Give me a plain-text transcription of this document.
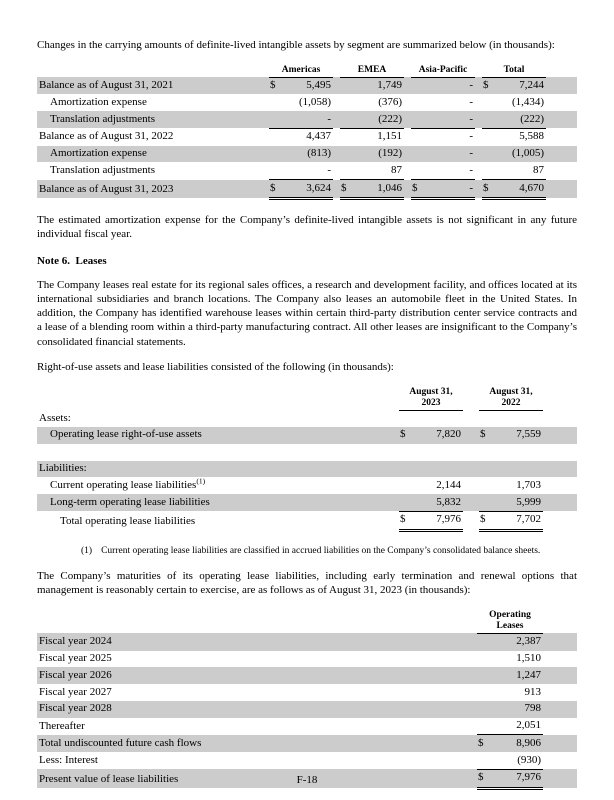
Changes in the carrying amounts of definite-lived intangible assets by segment are summarized below (in thousands):

	Americas			EMEA			Asia-Pacific			Total		
Balance as of August 31, 2021	$	5,495			1,749			-		$	7,244	
Amortization expense		(1,058)			(376)			-			(1,434)	
Translation adjustments		-			(222)			-			(222)	
Balance as of August 31, 2022		4,437			1,151			-			5,588	
Amortization expense		(813)			(192)			-			(1,005)	
Translation adjustments		-			87			-			87	
Balance as of August 31, 2023	$	3,624		$	1,046		$	-		$	4,670	

The estimated amortization expense for the Company’s definite-lived intangible assets is not significant in any future individual fiscal year.

Note 6.  Leases

The Company leases real estate for its regional sales offices, a research and development facility, and offices located at its international subsidiaries and branch locations. The Company also leases an automobile fleet in the United States. In addition, the Company has identified warehouse leases within certain third-party distribution center service contracts and a lease of a blending room within a third-party manufacturing contract. All other leases are insignificant to the Company’s consolidated financial statements.

Right-of-use assets and lease liabilities consisted of the following (in thousands):

August 31,
2023

August 31,
2022

Assets:						
Operating lease right-of-use assets	$	7,820		$	7,559	

Liabilities:						
Current operating lease liabilities$^{(1)}$		2,144			1,703	
Long-term operating lease liabilities		5,832			5,999	
Total operating lease liabilities	$	7,976		$	7,702	
(1) Current operating lease liabilities are classified in accrued liabilities on the Company’s consolidated balance sheets.

The Company’s maturities of its operating lease liabilities, including early termination and renewal options that management is reasonably certain to exercise, are as follows as of August 31, 2023 (in thousands):

	Operating
Leases		

Fiscal year 2024		2,387	
Fiscal year 2025		1,510	
Fiscal year 2026		1,247	
Fiscal year 2027		913	
Fiscal year 2028		798	
Thereafter		2,051	
Total undiscounted future cash flows	$	8,906	
Less: Interest		(930)	
Present value of lease liabilities	$	7,976	
F-18
